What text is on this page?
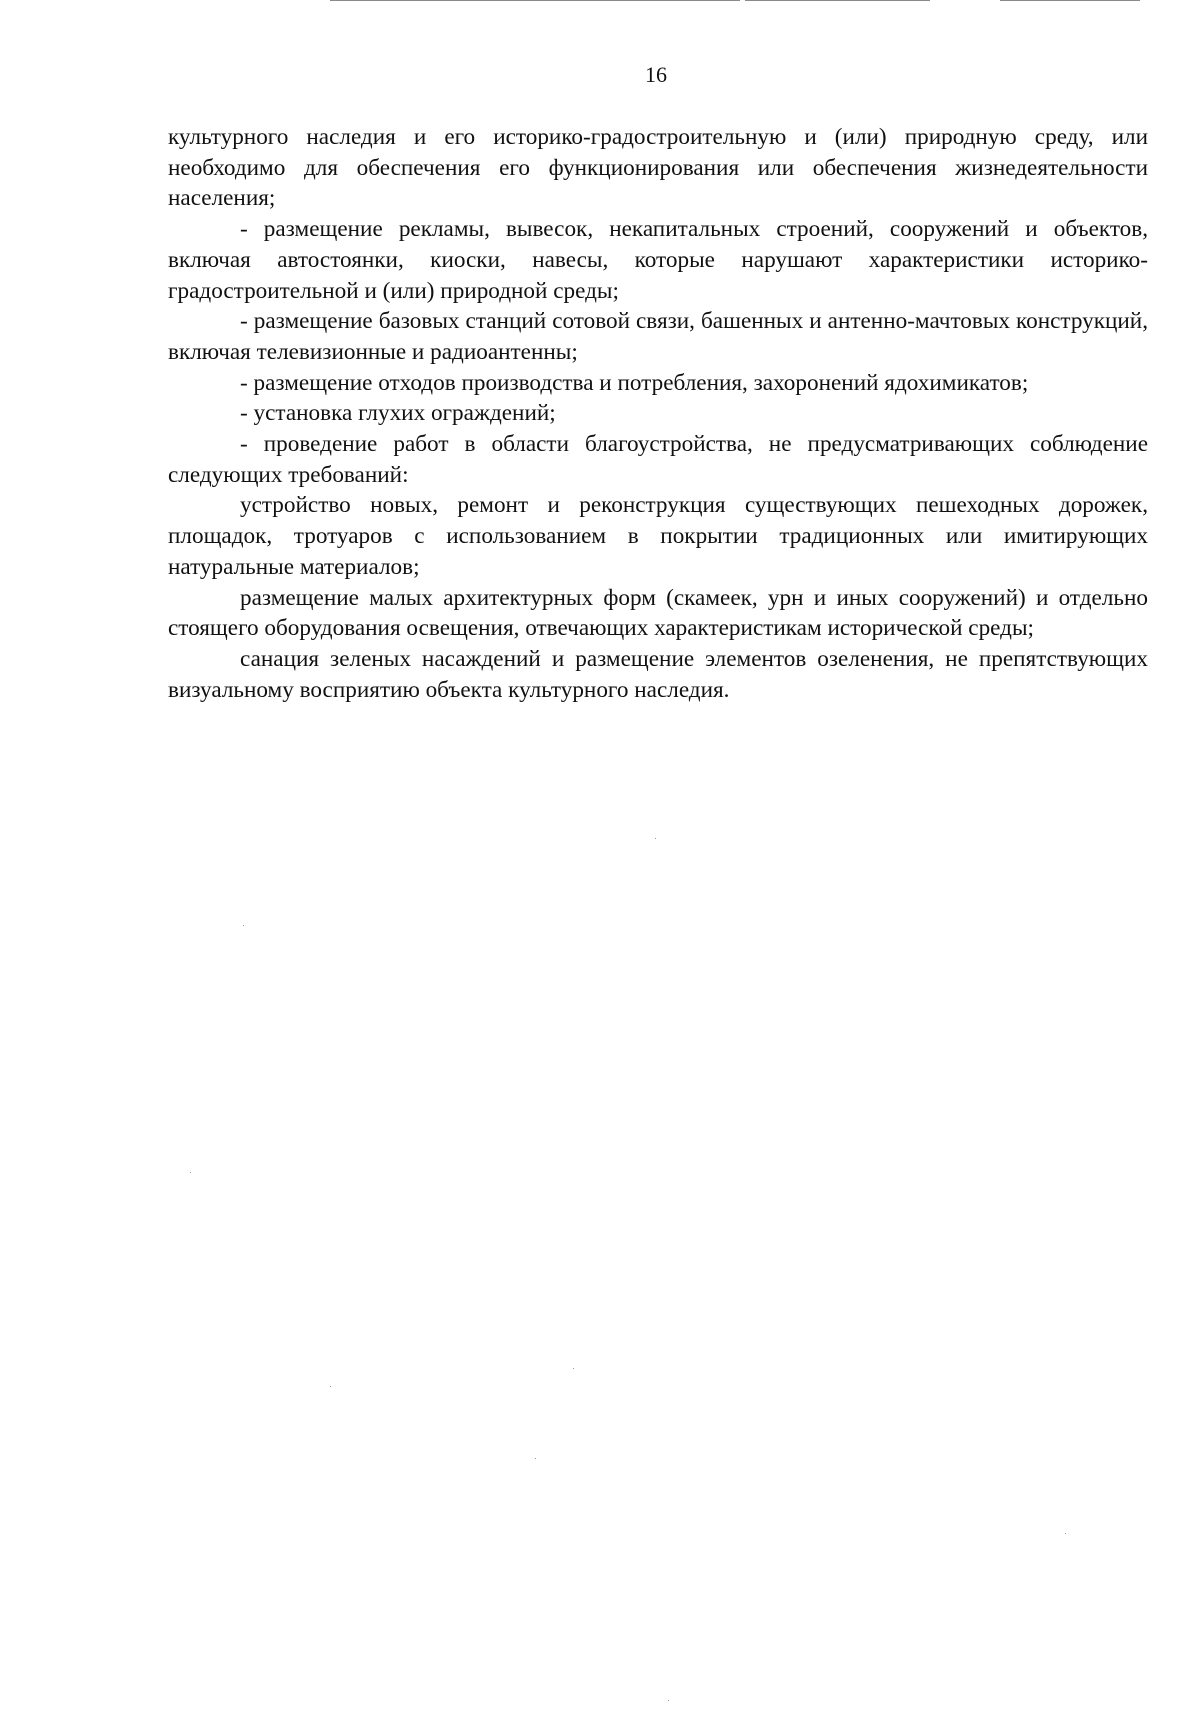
16

культурного наследия и его историко-градостроительную и (или) природную среду, или необходимо для обеспечения его функционирования или обеспечения жизнедеятельности населения;

- размещение рекламы, вывесок, некапитальных строений, сооружений и объектов, включая автостоянки, киоски, навесы, которые нарушают характеристики историко-градостроительной и (или) природной среды;

- размещение базовых станций сотовой связи, башенных и антенно-мачтовых конструкций, включая телевизионные и радиоантенны;

- размещение отходов производства и потребления, захоронений ядохимикатов;

- установка глухих ограждений;

- проведение работ в области благоустройства, не предусматривающих соблюдение следующих требований:

устройство новых, ремонт и реконструкция существующих пешеходных дорожек, площадок, тротуаров с использованием в покрытии традиционных или имитирующих натуральные материалов;

размещение малых архитектурных форм (скамеек, урн и иных сооружений) и отдельно стоящего оборудования освещения, отвечающих характеристикам исторической среды;

санация зеленых насаждений и размещение элементов озеленения, не препятствующих визуальному восприятию объекта культурного наследия.
